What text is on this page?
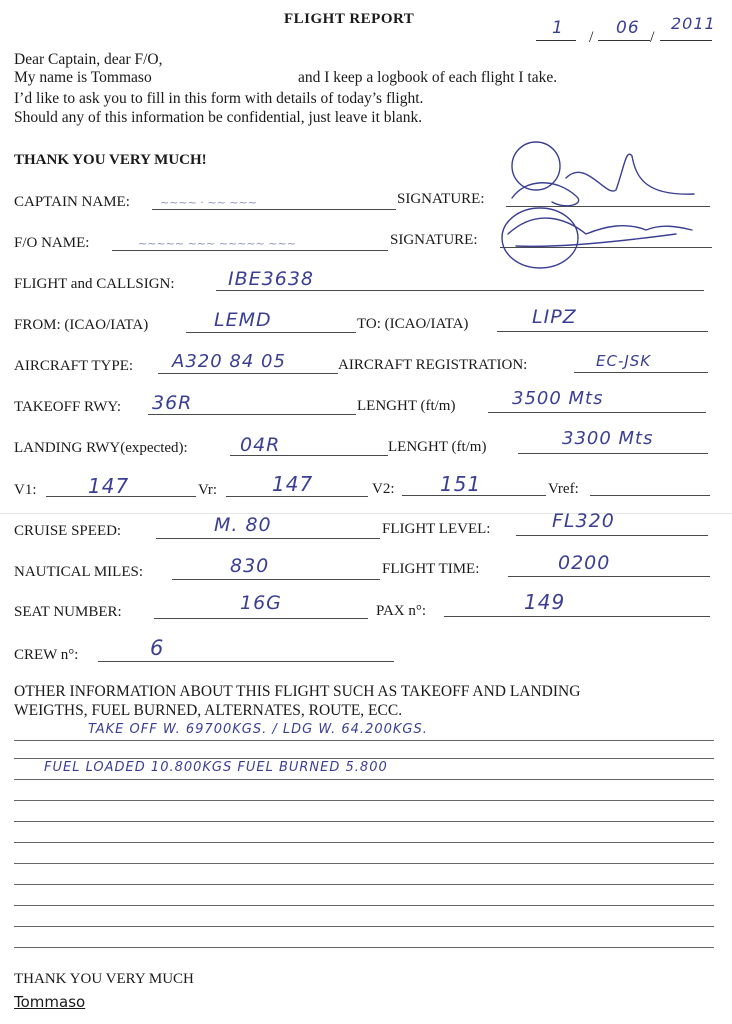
FLIGHT REPORT
/	/
1	06 2011
Dear Captain, dear F/O,
My name is Tommaso	and I keep a logbook of each flight I take.
I’d like to ask you to fill in this form with details of today’s flight.
Should any of this information be confidential, just leave it blank.
THANK YOU VERY MUCH!
CAPTAIN NAME:	~~~~ · ~~ ~~~	SIGNATURE:
F/O NAME:	~~~~~ ~~~ ~~~~~ ~~~	SIGNATURE:
FLIGHT and CALLSIGN:	IBE3638
FROM: (ICAO/IATA)	LEMD	TO: (ICAO/IATA)	LIPZ
AIRCRAFT TYPE: A320 84 05	AIRCRAFT REGISTRATION:	EC-JSK
TAKEOFF RWY: 36R	LENGHT (ft/m)	3500 Mts
LANDING RWY(expected):	04R	LENGHT (ft/m)	3300 Mts
V1:	147	Vr:	147	V2: 151	Vref:
CRUISE SPEED:	M. 80	FLIGHT LEVEL:	FL320
NAUTICAL MILES:	830	FLIGHT TIME:	0200
SEAT NUMBER:	16G	PAX n°:	149
CREW n°:	6
OTHER INFORMATION ABOUT THIS FLIGHT SUCH AS TAKEOFF AND LANDING
WEIGTHS, FUEL BURNED, ALTERNATES, ROUTE, ECC.
TAKE OFF W. 69700KGS. / LDG W. 64.200KGS.
FUEL LOADED 10.800KGS FUEL BURNED 5.800
THANK YOU VERY MUCH
Tommaso
